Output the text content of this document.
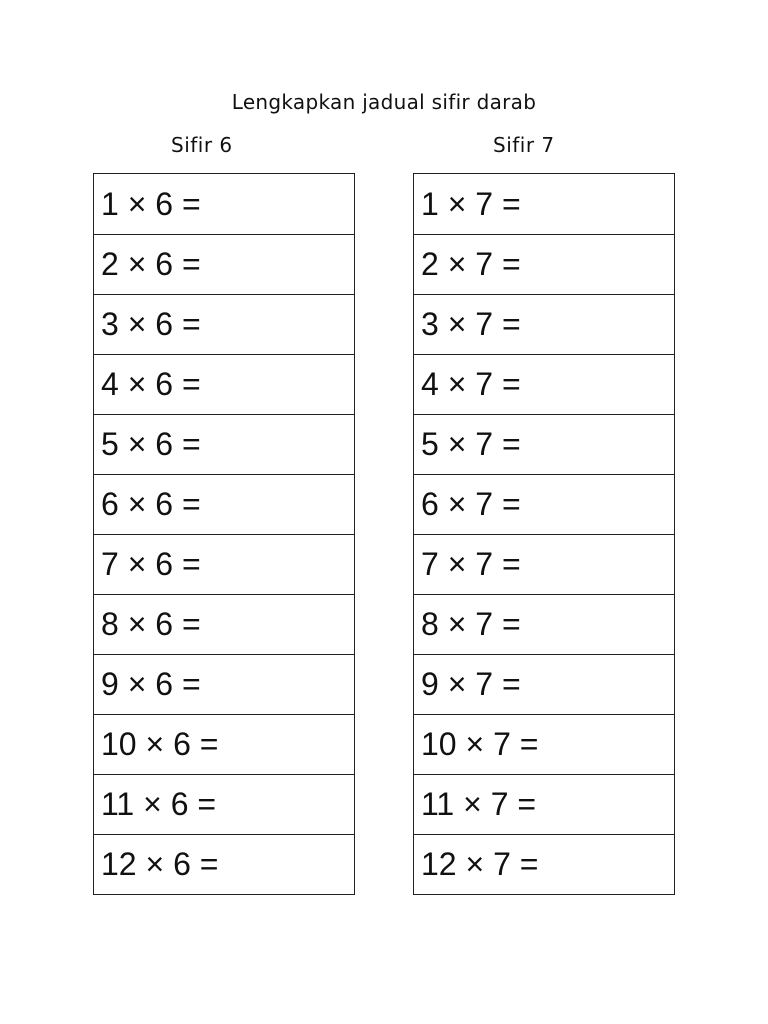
Lengkapkan jadual sifir darab
Sifir 6	Sifir 7
1 × 6 =
2 × 6 =
3 × 6 =
4 × 6 =
5 × 6 =
6 × 6 =
7 × 6 =
8 × 6 =
9 × 6 =
10 × 6 =
11 × 6 =
12 × 6 =
1 × 7 =
2 × 7 =
3 × 7 =
4 × 7 =
5 × 7 =
6 × 7 =
7 × 7 =
8 × 7 =
9 × 7 =
10 × 7 =
11 × 7 =
12 × 7 =
